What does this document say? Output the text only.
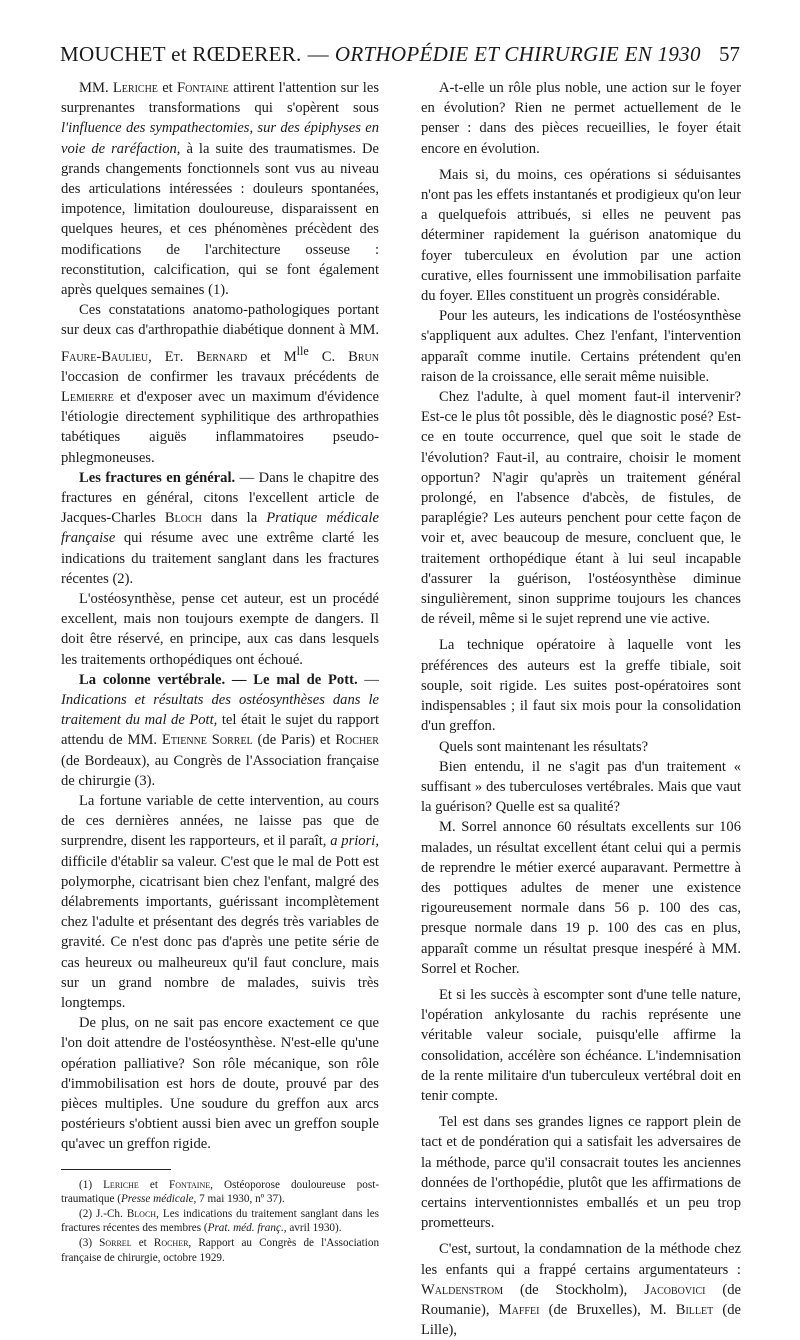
MOUCHET et RŒDERER. — ORTHOPÉDIE ET CHIRURGIE EN 1930 57

MM. Leriche et Fontaine attirent l'attention sur les surprenantes transformations qui s'opèrent sous l'influence des sympathectomies, sur des épiphyses en voie de raréfaction, à la suite des traumatismes. De grands changements fonctionnels sont vus au niveau des articulations intéressées : douleurs spontanées, impotence, limitation douloureuse, disparaissent en quelques heures, et ces phénomènes précèdent des modifications de l'architecture osseuse : reconstitution, calcification, qui se font également après quelques semaines (1).

Ces constatations anatomo-pathologiques portant sur deux cas d'arthropathie diabétique donnent à MM. Faure-Baulieu, Et. Bernard et $M^{lle}$ C. Brun l'occasion de confirmer les travaux précédents de Lemierre et d'exposer avec un maximum d'évidence l'étiologie directement syphilitique des arthropathies tabétiques aiguës inflammatoires pseudo-phlegmoneuses.

Les fractures en général. — Dans le chapitre des fractures en général, citons l'excellent article de Jacques-Charles Bloch dans la Pratique médicale française qui résume avec une extrême clarté les indications du traitement sanglant dans les fractures récentes (2).

L'ostéosynthèse, pense cet auteur, est un procédé excellent, mais non toujours exempte de dangers. Il doit être réservé, en principe, aux cas dans lesquels les traitements orthopédiques ont échoué.

La colonne vertébrale. — Le mal de Pott. — Indications et résultats des ostéosynthèses dans le traitement du mal de Pott, tel était le sujet du rapport attendu de MM. Etienne Sorrel (de Paris) et Rocher (de Bordeaux), au Congrès de l'Association française de chirurgie (3).

La fortune variable de cette intervention, au cours de ces dernières années, ne laisse pas que de surprendre, disent les rapporteurs, et il paraît, a priori, difficile d'établir sa valeur. C'est que le mal de Pott est polymorphe, cicatrisant bien chez l'enfant, malgré des délabrements importants, guérissant incomplètement chez l'adulte et présentant des degrés très variables de gravité. Ce n'est donc pas d'après une petite série de cas heureux ou malheureux qu'il faut conclure, mais sur un grand nombre de malades, suivis très longtemps.

De plus, on ne sait pas encore exactement ce que l'on doit attendre de l'ostéosynthèse. N'est-elle qu'une opération palliative? Son rôle mécanique, son rôle d'immobilisation est hors de doute, prouvé par des pièces multiples. Une soudure du greffon aux arcs postérieurs s'obtient aussi bien avec un greffon souple qu'avec un greffon rigide.

(1) Leriche et Fontaine, Ostéoporose douloureuse post-traumatique (Presse médicale, 7 mai 1930, nº 37).

(2) J.-Ch. Bloch, Les indications du traitement sanglant dans les fractures récentes des membres (Prat. méd. franç., avril 1930).

(3) Sorrel et Rocher, Rapport au Congrès de l'Association française de chirurgie, octobre 1929.

A-t-elle un rôle plus noble, une action sur le foyer en évolution? Rien ne permet actuellement de le penser : dans des pièces recueillies, le foyer était encore en évolution.

Mais si, du moins, ces opérations si séduisantes n'ont pas les effets instantanés et prodigieux qu'on leur a quelquefois attribués, si elles ne peuvent pas déterminer rapidement la guérison anatomique du foyer tuberculeux en évolution par une action curative, elles fournissent une immobilisation parfaite du foyer. Elles constituent un progrès considérable.

Pour les auteurs, les indications de l'ostéosynthèse s'appliquent aux adultes. Chez l'enfant, l'intervention apparaît comme inutile. Certains prétendent qu'en raison de la croissance, elle serait même nuisible.

Chez l'adulte, à quel moment faut-il intervenir? Est-ce le plus tôt possible, dès le diagnostic posé? Est-ce en toute occurrence, quel que soit le stade de l'évolution? Faut-il, au contraire, choisir le moment opportun? N'agir qu'après un traitement général prolongé, en l'absence d'abcès, de fistules, de paraplégie? Les auteurs penchent pour cette façon de voir et, avec beaucoup de mesure, concluent que, le traitement orthopédique étant à lui seul incapable d'assurer la guérison, l'ostéosynthèse diminue singulièrement, sinon supprime toujours les chances de réveil, même si le sujet reprend une vie active.

La technique opératoire à laquelle vont les préférences des auteurs est la greffe tibiale, soit souple, soit rigide. Les suites post-opératoires sont indispensables ; il faut six mois pour la consolidation d'un greffon.

Quels sont maintenant les résultats?

Bien entendu, il ne s'agit pas d'un traitement « suffisant » des tuberculoses vertébrales. Mais que vaut la guérison? Quelle est sa qualité?

M. Sorrel annonce 60 résultats excellents sur 106 malades, un résultat excellent étant celui qui a permis de reprendre le métier exercé auparavant. Permettre à des pottiques adultes de mener une existence rigoureusement normale dans 56 p. 100 des cas, presque normale dans 19 p. 100 des cas en plus, apparaît comme un résultat presque inespéré à MM. Sorrel et Rocher.

Et si les succès à escompter sont d'une telle nature, l'opération ankylosante du rachis représente une véritable valeur sociale, puisqu'elle affirme la consolidation, accélère son échéance. L'indemnisation de la rente militaire d'un tuberculeux vertébral doit en tenir compte.

Tel est dans ses grandes lignes ce rapport plein de tact et de pondération qui a satisfait les adversaires de la méthode, parce qu'il consacrait toutes les anciennes données de l'orthopédie, plutôt que les affirmations de certains interventionnistes emballés et un peu trop prometteurs.

C'est, surtout, la condamnation de la méthode chez les enfants qui a frappé certains argumentateurs : Waldenstrom (de Stockholm), Jacobovici (de Roumanie), Maffei (de Bruxelles), M. Billet (de Lille),
